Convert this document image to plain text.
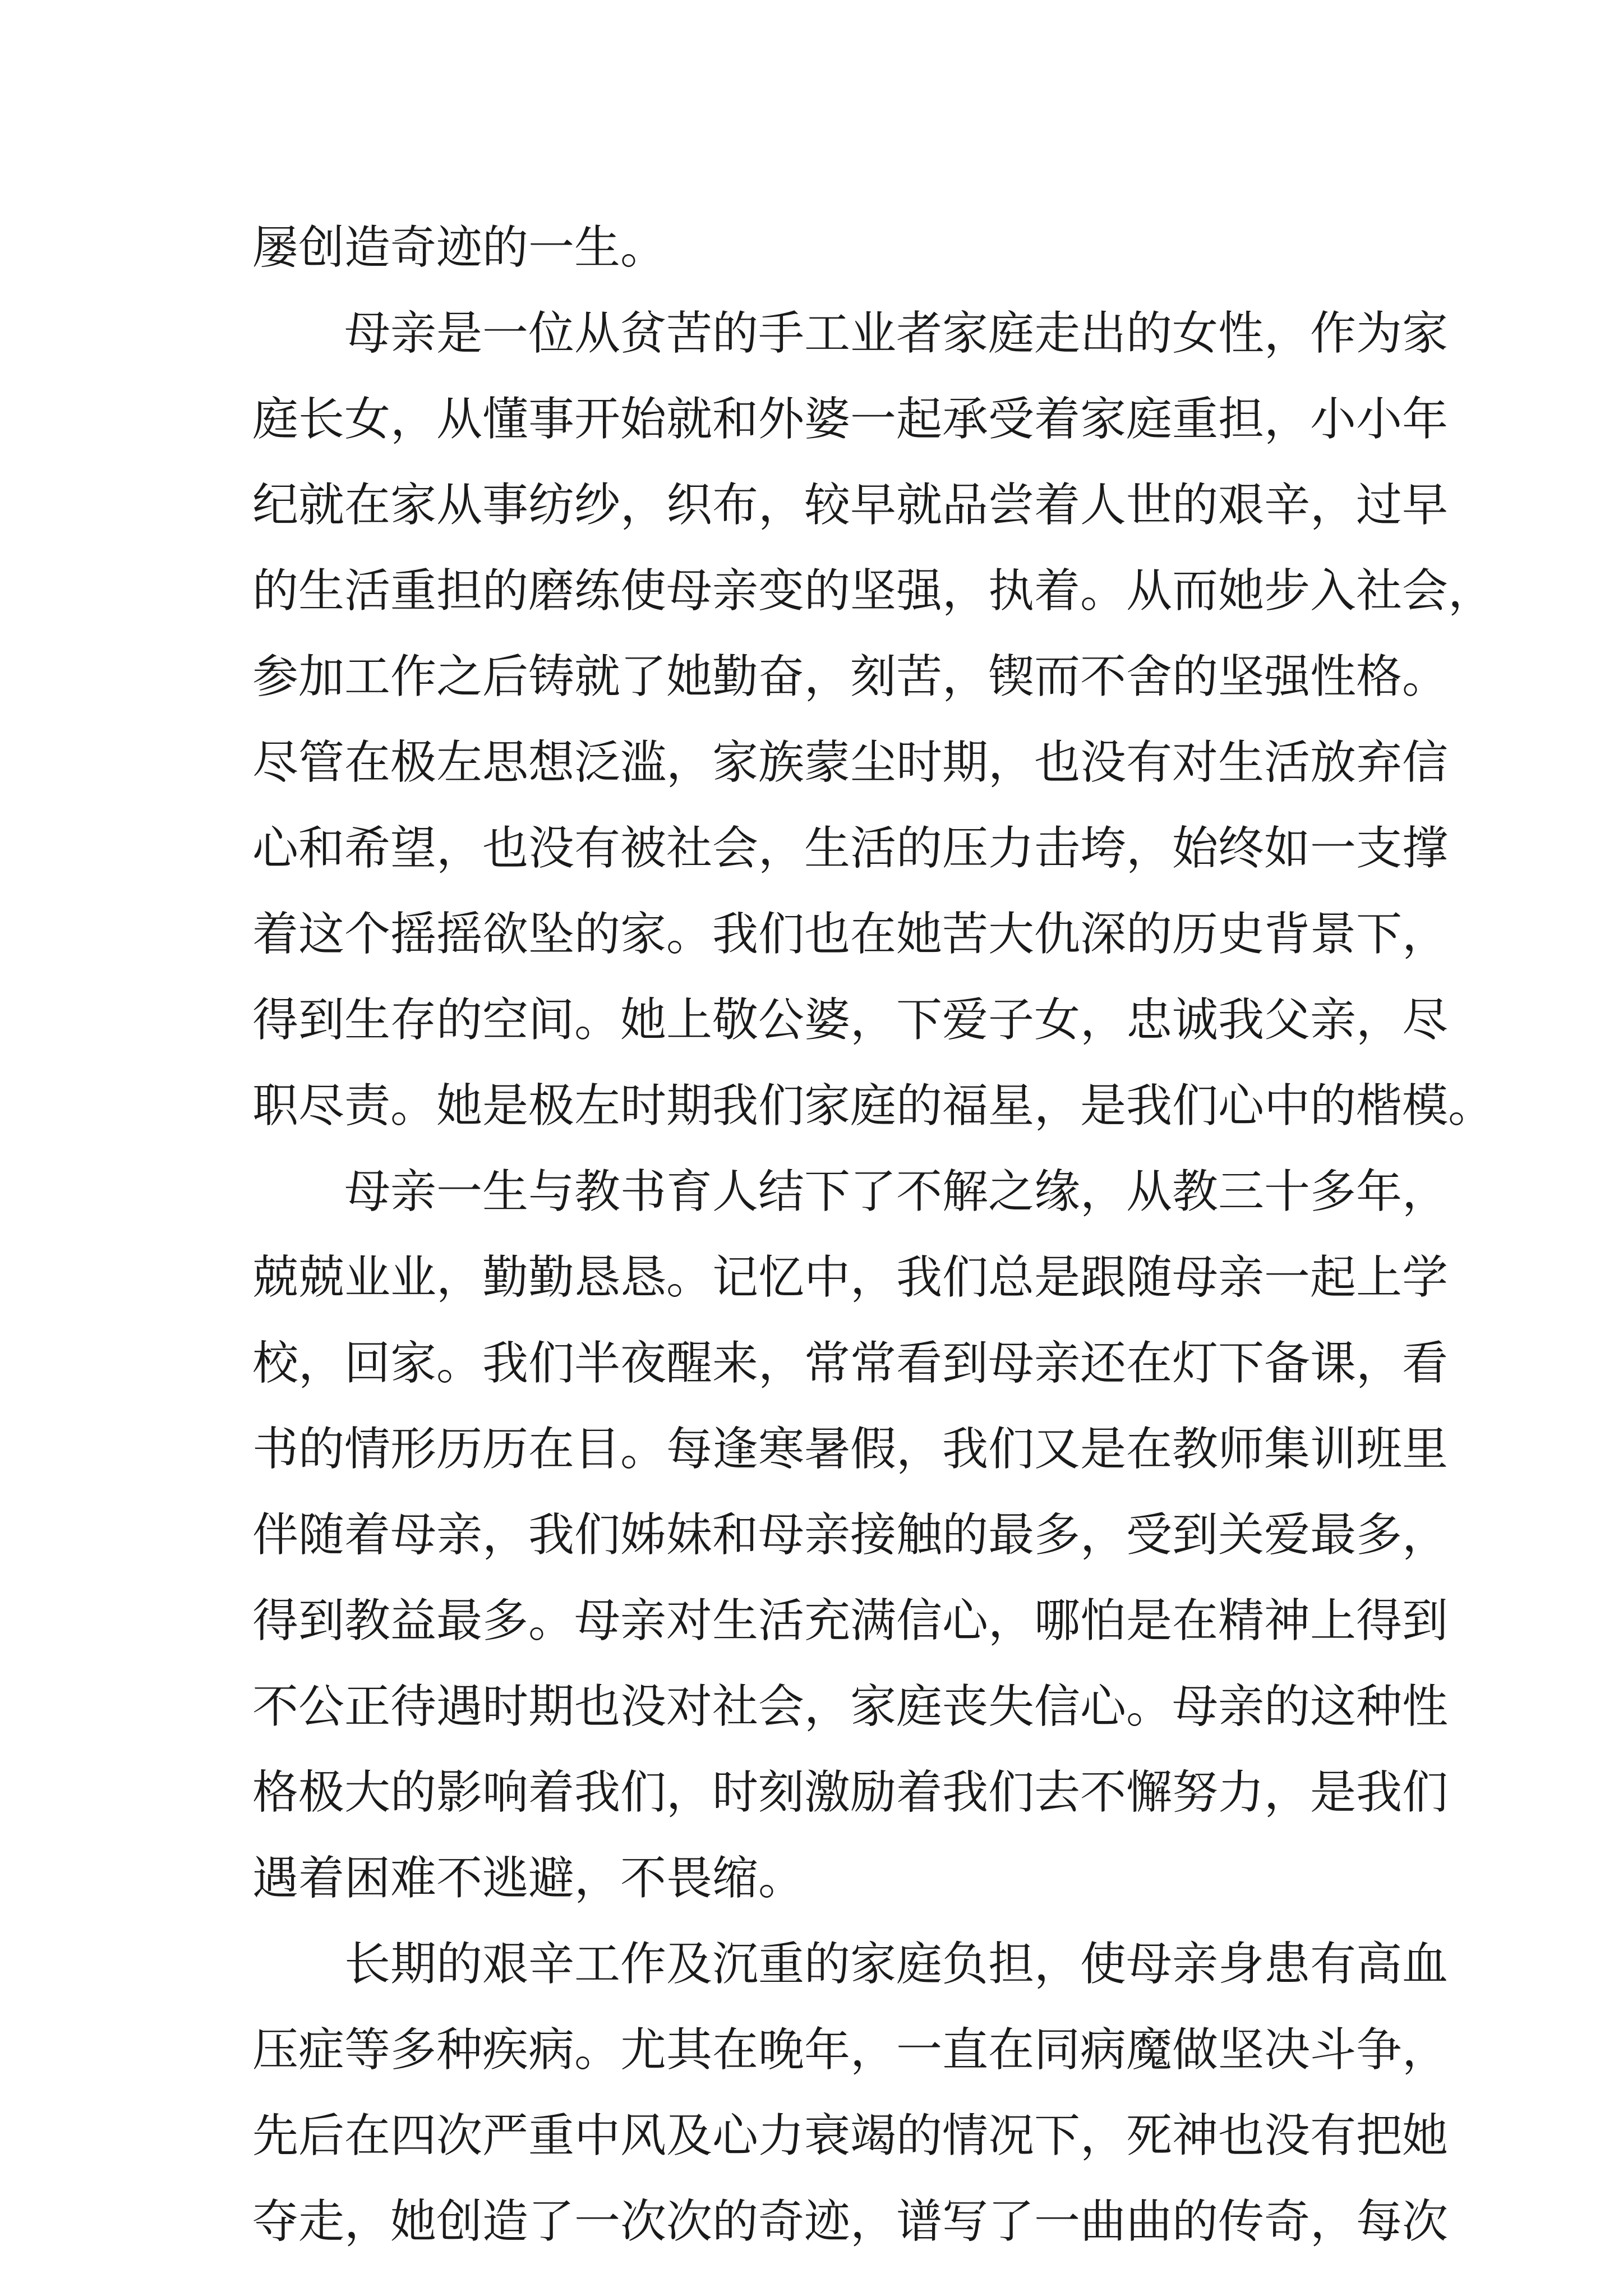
屡创造奇迹的一生。
母亲是一位从贫苦的手工业者家庭走出的女性，作为家
庭长女，从懂事开始就和外婆一起承受着家庭重担，小小年
纪就在家从事纺纱，织布，较早就品尝着人世的艰辛，过早
的生活重担的磨练使母亲变的坚强，执着。从而她步入社会，
参加工作之后铸就了她勤奋，刻苦，锲而不舍的坚强性格。
尽管在极左思想泛滥，家族蒙尘时期，也没有对生活放弃信
心和希望，也没有被社会，生活的压力击垮，始终如一支撑
着这个摇摇欲坠的家。我们也在她苦大仇深的历史背景下，
得到生存的空间。她上敬公婆，下爱子女，忠诚我父亲，尽
职尽责。她是极左时期我们家庭的福星，是我们心中的楷模。
母亲一生与教书育人结下了不解之缘，从教三十多年，
兢兢业业，勤勤恳恳。记忆中，我们总是跟随母亲一起上学
校，回家。我们半夜醒来，常常看到母亲还在灯下备课，看
书的情形历历在目。每逢寒暑假，我们又是在教师集训班里
伴随着母亲，我们姊妹和母亲接触的最多，受到关爱最多，
得到教益最多。母亲对生活充满信心，哪怕是在精神上得到
不公正待遇时期也没对社会，家庭丧失信心。母亲的这种性
格极大的影响着我们，时刻激励着我们去不懈努力，是我们
遇着困难不逃避，不畏缩。
长期的艰辛工作及沉重的家庭负担，使母亲身患有高血
压症等多种疾病。尤其在晚年，一直在同病魔做坚决斗争，
先后在四次严重中风及心力衰竭的情况下，死神也没有把她
夺走，她创造了一次次的奇迹，谱写了一曲曲的传奇，每次
